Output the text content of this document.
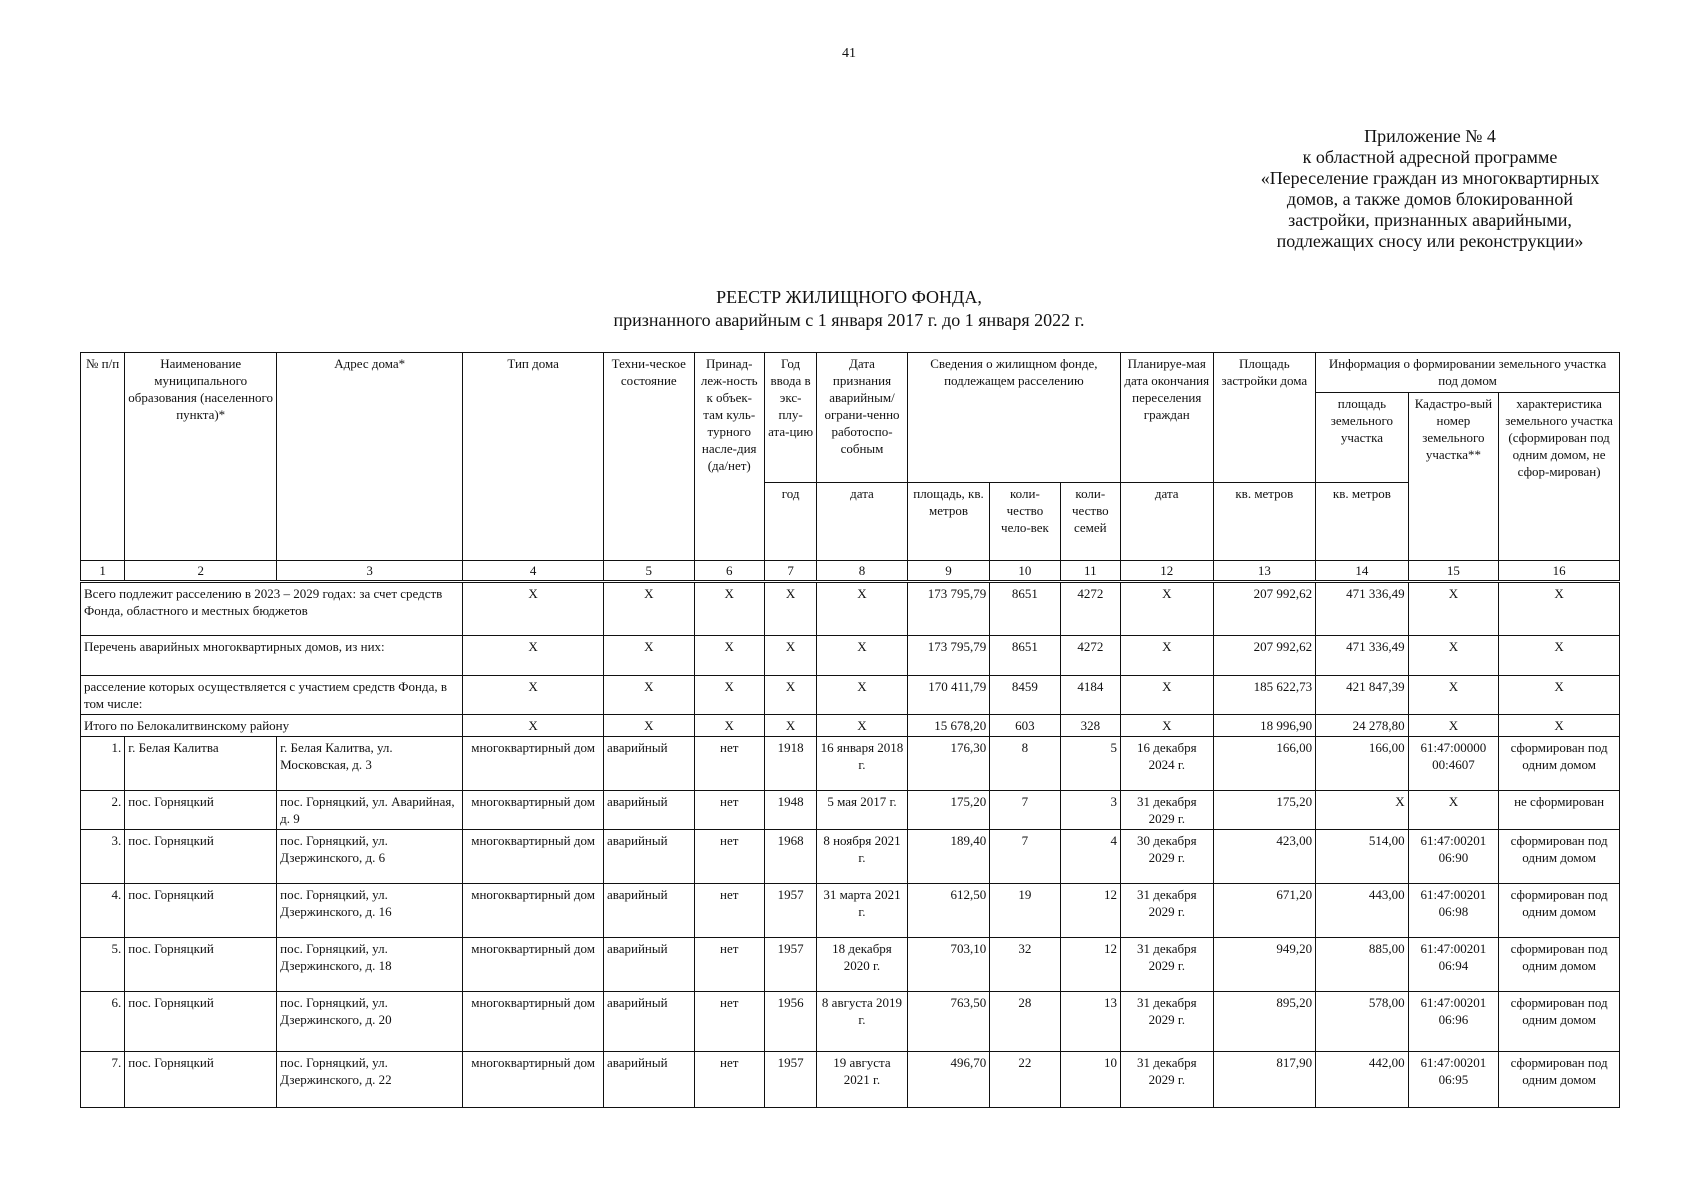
41
Приложение № 4
к областной адресной программе
«Переселение граждан из многоквартирных
домов, а также домов блокированной
застройки, признанных аварийными,
подлежащих сносу или реконструкции»
РЕЕСТР ЖИЛИЩНОГО ФОНДА,
признанного аварийным с 1 января 2017 г. до 1 января 2022 г.
№ п/п	Наименование муниципального образования (населенного пункта)*	Адрес дома*	Тип дома	Техни-ческое состояние	Принад-леж-ность к объек-там куль-турного насле-дия (да/нет)	Год ввода в экс-плу-ата-цию	Дата признания аварийным/ограни-ченно работоспо-собным	Сведения о жилищном фонде, подлежащем расселению			Планируе-мая дата окончания переселения граждан	Площадь застройки дома	Информация о формировании земельного участка под домом		
													площадь земельного участка	Кадастро-вый номер земельного участка**	характеристика земельного участка (сформирован под одним домом, не сфор-мирован)
						год	дата	площадь, кв. метров	коли-чество чело-век	коли-чество семей	дата	кв. метров	кв. метров		
1	2	3	4	5	6	7	8	9	10	11	12	13	14	15	16
Всего подлежит расселению в 2023 – 2029 годах: за счет средств Фонда, областного и местных бюджетов			Х	Х	Х	Х	Х	173 795,79	8651	4272	Х	207 992,62	471 336,49	Х	Х
Перечень аварийных многоквартирных домов, из них:			Х	Х	Х	Х	Х	173 795,79	8651	4272	Х	207 992,62	471 336,49	Х	Х
расселение которых осуществляется с участием средств Фонда, в том числе:			Х	Х	Х	Х	Х	170 411,79	8459	4184	Х	185 622,73	421 847,39	Х	Х
Итого по Белокалитвинскому району			Х	Х	Х	Х	Х	15 678,20	603	328	Х	18 996,90	24 278,80	Х	Х
1.	г. Белая Калитва	г. Белая Калитва, ул. Московская, д. 3	многоквартирный дом	аварийный	нет	1918	16 января 2018 г.	176,30	8	5	16 декабря 2024 г.	166,00	166,00	61:47:00000 00:4607	сформирован под одним домом
2.	пос. Горняцкий	пос. Горняцкий, ул. Аварийная, д. 9	многоквартирный дом	аварийный	нет	1948	5 мая 2017 г.	175,20	7	3	31 декабря 2029 г.	175,20	Х	Х	не сформирован
3.	пос. Горняцкий	пос. Горняцкий, ул. Дзержинского, д. 6	многоквартирный дом	аварийный	нет	1968	8 ноября 2021 г.	189,40	7	4	30 декабря 2029 г.	423,00	514,00	61:47:00201 06:90	сформирован под одним домом
4.	пос. Горняцкий	пос. Горняцкий, ул. Дзержинского, д. 16	многоквартирный дом	аварийный	нет	1957	31 марта 2021 г.	612,50	19	12	31 декабря 2029 г.	671,20	443,00	61:47:00201 06:98	сформирован под одним домом
5.	пос. Горняцкий	пос. Горняцкий, ул. Дзержинского, д. 18	многоквартирный дом	аварийный	нет	1957	18 декабря 2020 г.	703,10	32	12	31 декабря 2029 г.	949,20	885,00	61:47:00201 06:94	сформирован под одним домом
6.	пос. Горняцкий	пос. Горняцкий, ул. Дзержинского, д. 20	многоквартирный дом	аварийный	нет	1956	8 августа 2019 г.	763,50	28	13	31 декабря 2029 г.	895,20	578,00	61:47:00201 06:96	сформирован под одним домом
7.	пос. Горняцкий	пос. Горняцкий, ул. Дзержинского, д. 22	многоквартирный дом	аварийный	нет	1957	19 августа 2021 г.	496,70	22	10	31 декабря 2029 г.	817,90	442,00	61:47:00201 06:95	сформирован под одним домом
